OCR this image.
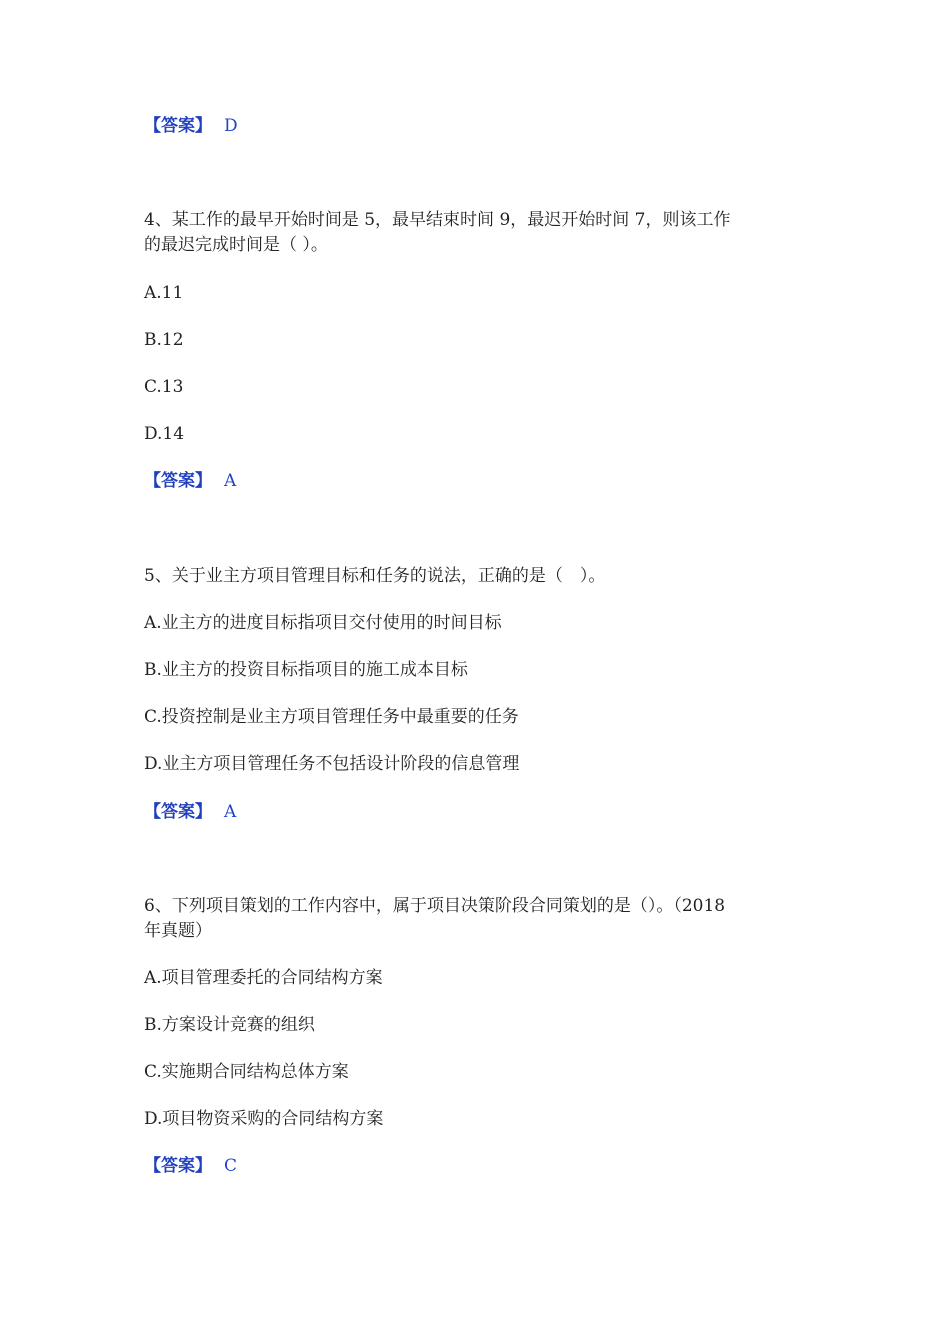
【答案】 D
4、某工作的最早开始时间是 5，最早结束时间 9，最迟开始时间 7，则该工作
的最迟完成时间是（ ）。
A.11
B.12
C.13
D.14
【答案】 A
5、关于业主方项目管理目标和任务的说法，正确的是（　）。
A.业主方的进度目标指项目交付使用的时间目标
B.业主方的投资目标指项目的施工成本目标
C.投资控制是业主方项目管理任务中最重要的任务
D.业主方项目管理任务不包括设计阶段的信息管理
【答案】 A
6、下列项目策划的工作内容中，属于项目决策阶段合同策划的是（）。（2018
年真题）
A.项目管理委托的合同结构方案
B.方案设计竞赛的组织
C.实施期合同结构总体方案
D.项目物资采购的合同结构方案
【答案】 C
